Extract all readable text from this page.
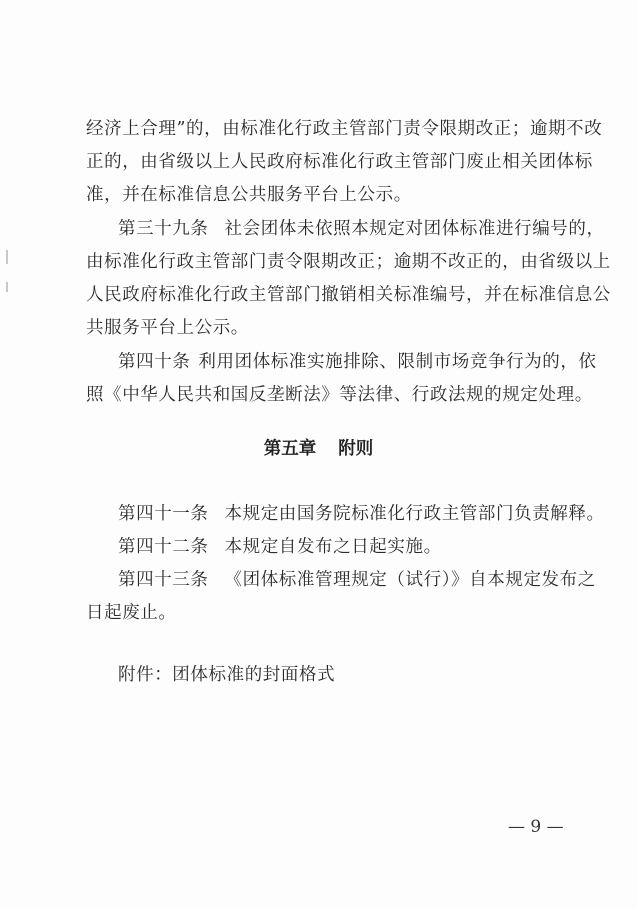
经济上合理”的，由标准化行政主管部门责令限期改正；逾期不改
正的，由省级以上人民政府标准化行政主管部门废止相关团体标
准，并在标准信息公共服务平台上公示。
第三十九条 社会团体未依照本规定对团体标准进行编号的，
由标准化行政主管部门责令限期改正；逾期不改正的，由省级以上
人民政府标准化行政主管部门撤销相关标准编号，并在标准信息公
共服务平台上公示。
第四十条 利用团体标准实施排除、限制市场竞争行为的，依
照《中华人民共和国反垄断法》等法律、行政法规的规定处理。
第五章 附则
第四十一条 本规定由国务院标准化行政主管部门负责解释。
第四十二条 本规定自发布之日起实施。
第四十三条 《团体标准管理规定（试行）》自本规定发布之
日起废止。
附件：团体标准的封面格式
— 9 —
